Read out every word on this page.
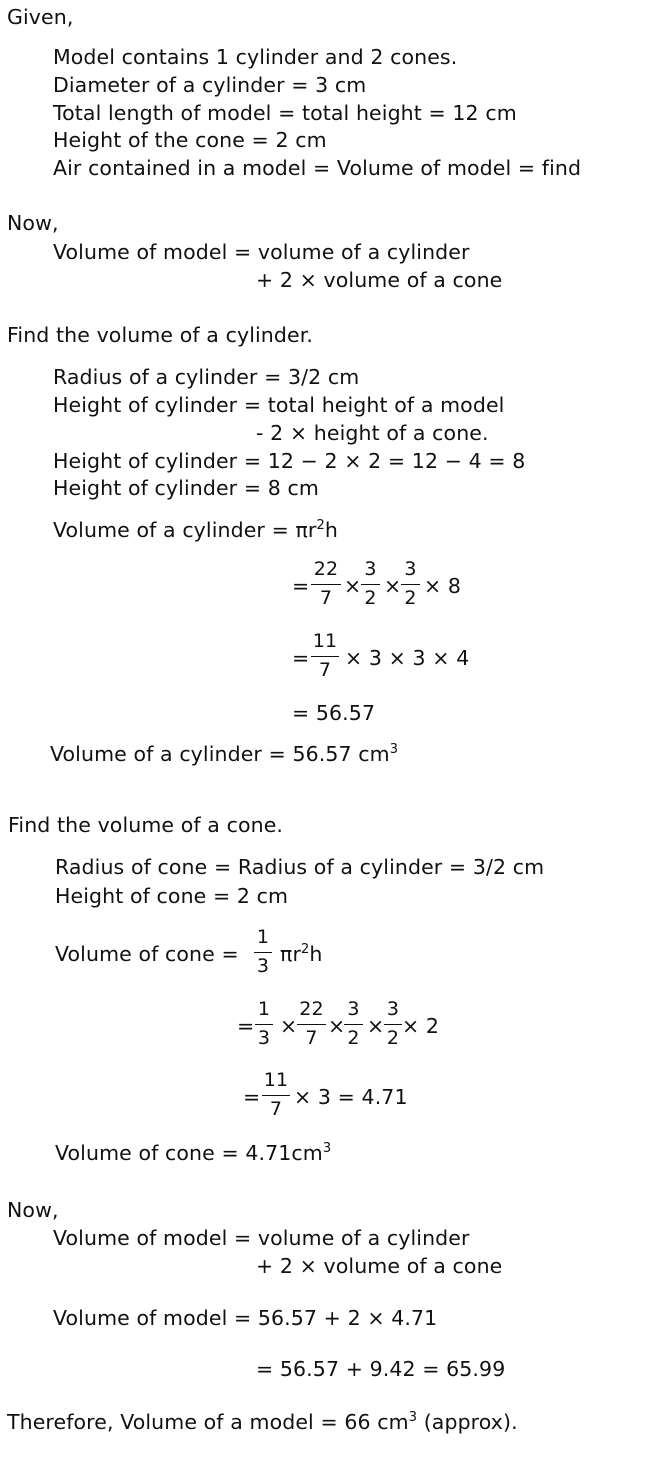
Given,
Model contains 1 cylinder and 2 cones.
Diameter of a cylinder = 3 cm
Total length of model = total height = 12 cm
Height of the cone = 2 cm
Air contained in a model = Volume of model = find
Now,
Volume of model = volume of a cylinder
+ 2 × volume of a cone
Find the volume of a cylinder.
Radius of a cylinder = 3/2 cm
Height of cylinder = total height of a model
- 2 × height of a cone.
Height of cylinder = 12 − 2 × 2 = 12 − 4 = 8
Height of cylinder = 8 cm
Volume of a cylinder = $\pi r^2h$
= $\frac{22}{7} \times \frac{3}{2} \times \frac{3}{2} \times 8$
= $\frac{11}{7} \times 3 \times 3 \times 4$
= 56.57
Volume of a cylinder = 56.57 $cm^3$
Find the volume of a cone.
Radius of cone = Radius of a cylinder = 3/2 cm
Height of cone = 2 cm
Volume of cone = $\frac{1}{3} \pi r^2h$
= $\frac{1}{3} \times \frac{22}{7}$ ×
$\frac{3}{2} \times \frac{3}{2} \times 2$
= $\frac{11}{7} \times 3 = 4.71$
Volume of cone = $4.71cm^3$
Now,
Volume of model = volume of a cylinder
+ 2 × volume of a cone
Volume of model = 56.57 + 2 × 4.71
= 56.57 + 9.42 = 65.99
Therefore, Volume of a model = 66 $cm^3$ (approx).
